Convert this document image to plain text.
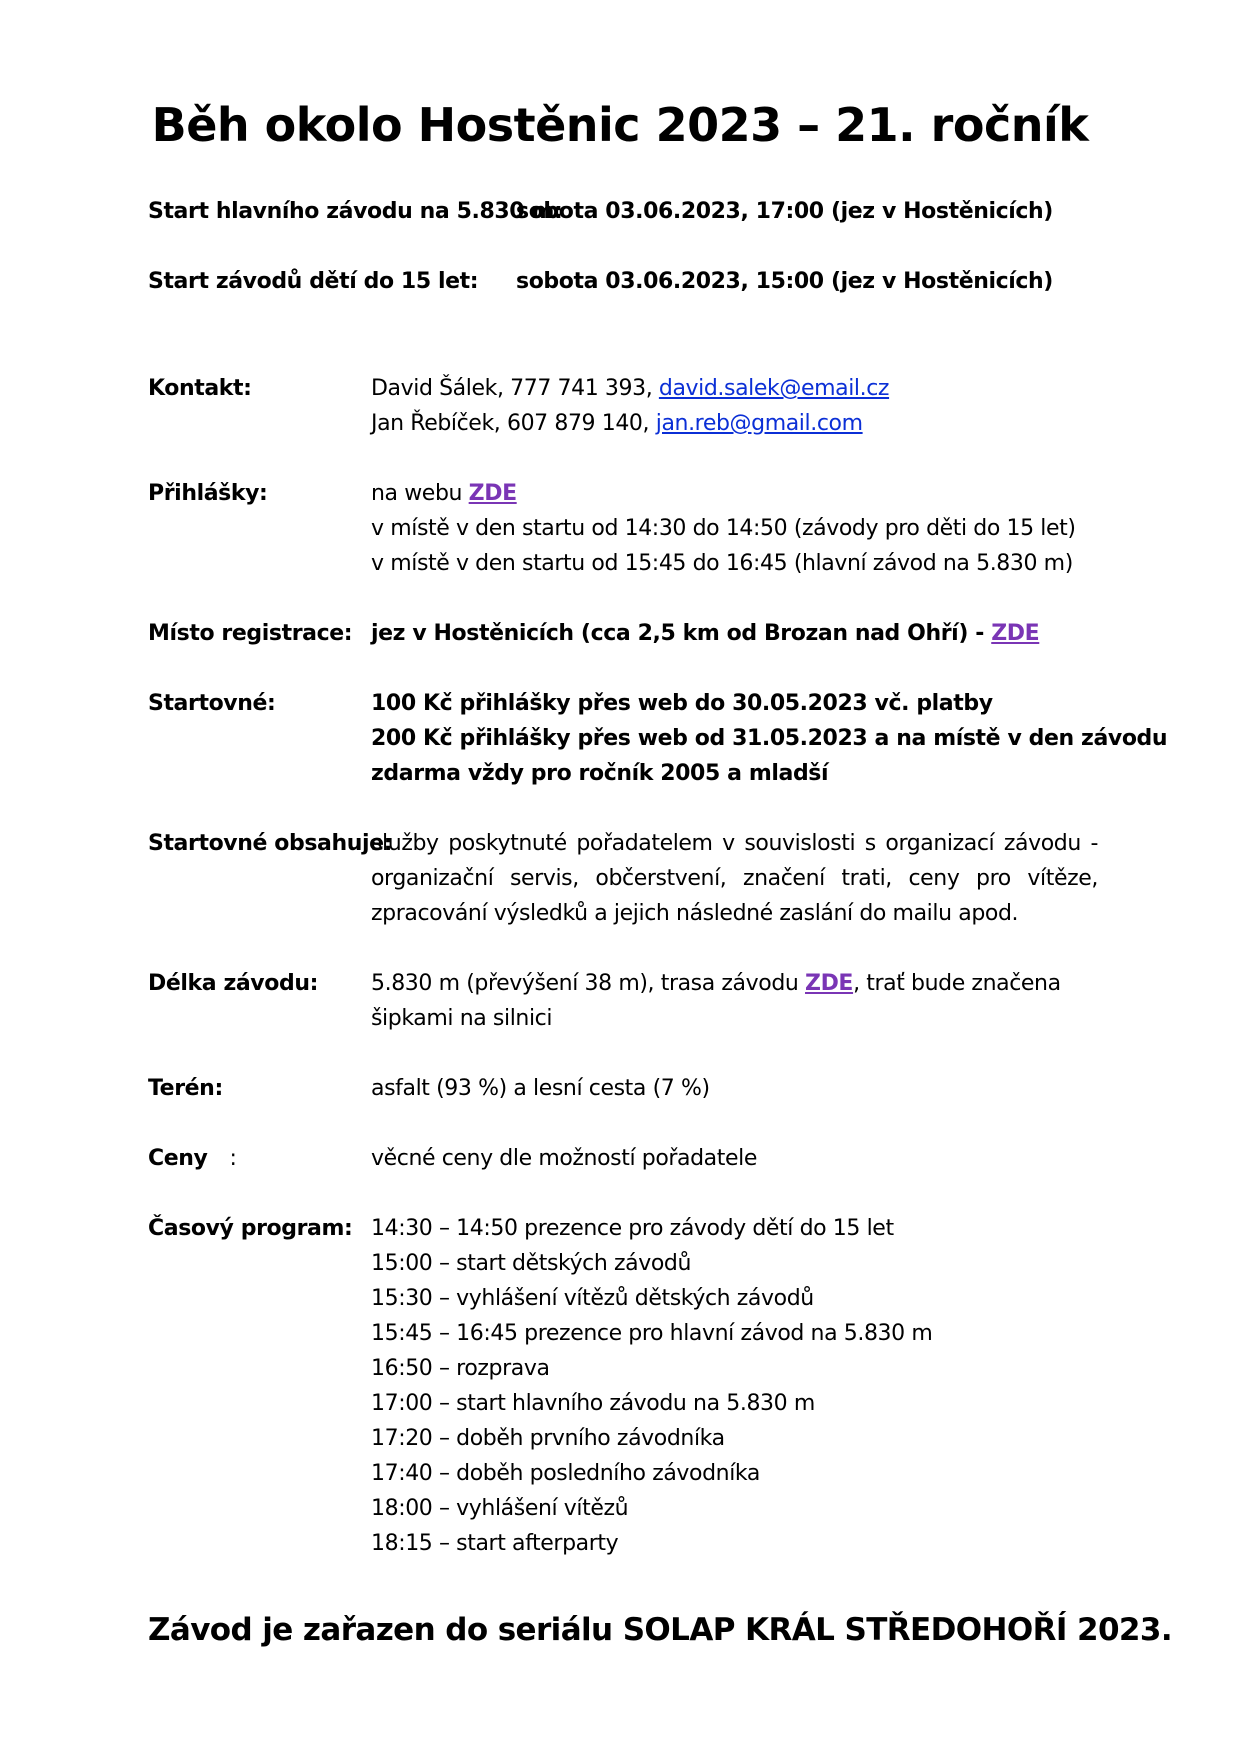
Běh okolo Hostěnic 2023 – 21. ročník
Start hlavního závodu na 5.830 m:
sobota 03.06.2023, 17:00 (jez v Hostěnicích)
Start závodů dětí do 15 let: sobota 03.06.2023, 15:00 (jez v Hostěnicích)
Kontakt:	David Šálek, 777 741 393, david.salek@email.cz
Jan Řebíček, 607 879 140, jan.reb@gmail.com
Přihlášky:	na webu ZDE
v místě v den startu od 14:30 do 14:50 (závody pro děti do 15 let)
v místě v den startu od 15:45 do 16:45 (hlavní závod na 5.830 m)
Místo registrace: jez v Hostěnicích (cca 2,5 km od Brozan nad Ohří) - ZDE
Startovné:	100 Kč přihlášky přes web do 30.05.2023 vč. platby
200 Kč přihlášky přes web od 31.05.2023 a na místě v den závodu
zdarma vždy pro ročník 2005 a mladší
Startovné obsahuje:
služby poskytnuté pořadatelem v souvislosti s organizací závodu - organizační servis, občerstvení, značení trati, ceny pro vítěze, zpracování výsledků a jejich následné zaslání do mailu apod.
Délka závodu: 5.830 m (převýšení 38 m), trasa závodu ZDE, trať bude značena
šipkami na silnici
Terén:	asfalt (93 %) a lesní cesta (7 %)
Ceny :	věcné ceny dle možností pořadatele
Časový program: 14:30 – 14:50 prezence pro závody dětí do 15 let
15:00 – start dětských závodů
15:30 – vyhlášení vítězů dětských závodů
15:45 – 16:45 prezence pro hlavní závod na 5.830 m
16:50 – rozprava
17:00 – start hlavního závodu na 5.830 m
17:20 – doběh prvního závodníka
17:40 – doběh posledního závodníka
18:00 – vyhlášení vítězů
18:15 – start afterparty
Závod je zařazen do seriálu SOLAP KRÁL STŘEDOHOŘÍ 2023.
